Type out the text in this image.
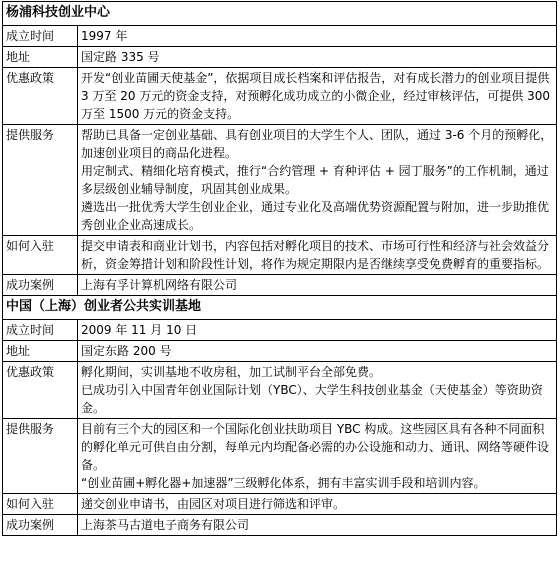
杨浦科技创业中心	
成立时间	1997 年

地址	国定路 335 号

优惠政策	开发“创业苗圃天使基金”，依据项目成长档案和评估报告，对有成长潜力的创业项目提供 3 万至 20 万元的资金支持，对预孵化成功成立的小微企业，经过审核评估，可提供 300 万至 1500 万元的资金支持。

提供服务	帮助已具备一定创业基础、具有创业项目的大学生个人、团队，通过 3-6 个月的预孵化，加速创业项目的商品化进程。
用定制式、精细化培育模式，推行“合约管理 + 育种评估 + 园丁服务”的工作机制，通过多层级创业辅导制度，巩固其创业成果。
遴选出一批优秀大学生创业企业，通过专业化及高端优势资源配置与附加，进一步助推优秀创业企业高速成长。

如何入驻	提交申请表和商业计划书，内容包括对孵化项目的技术、市场可行性和经济与社会效益分析，资金筹措计划和阶段性计划，将作为规定期限内是否继续享受免费孵育的重要指标。

成功案例	上海有孚计算机网络有限公司

中国（上海）创业者公共实训基地	
成立时间	2009 年 11 月 10 日

地址	国定东路 200 号

优惠政策	孵化期间，实训基地不收房租，加工试制平台全部免费。
已成功引入中国青年创业国际计划（YBC）、大学生科技创业基金（天使基金）等资助资金。

提供服务	目前有三个大的园区和一个国际化创业扶助项目 YBC 构成。这些园区具有各种不同面积的孵化单元可供自由分割，每单元内均配备必需的办公设施和动力、通讯、网络等硬件设备。
“创业苗圃+孵化器+加速器”三级孵化体系，拥有丰富实训手段和培训内容。

如何入驻	递交创业申请书，由园区对项目进行筛选和评审。

成功案例	上海茶马古道电子商务有限公司
